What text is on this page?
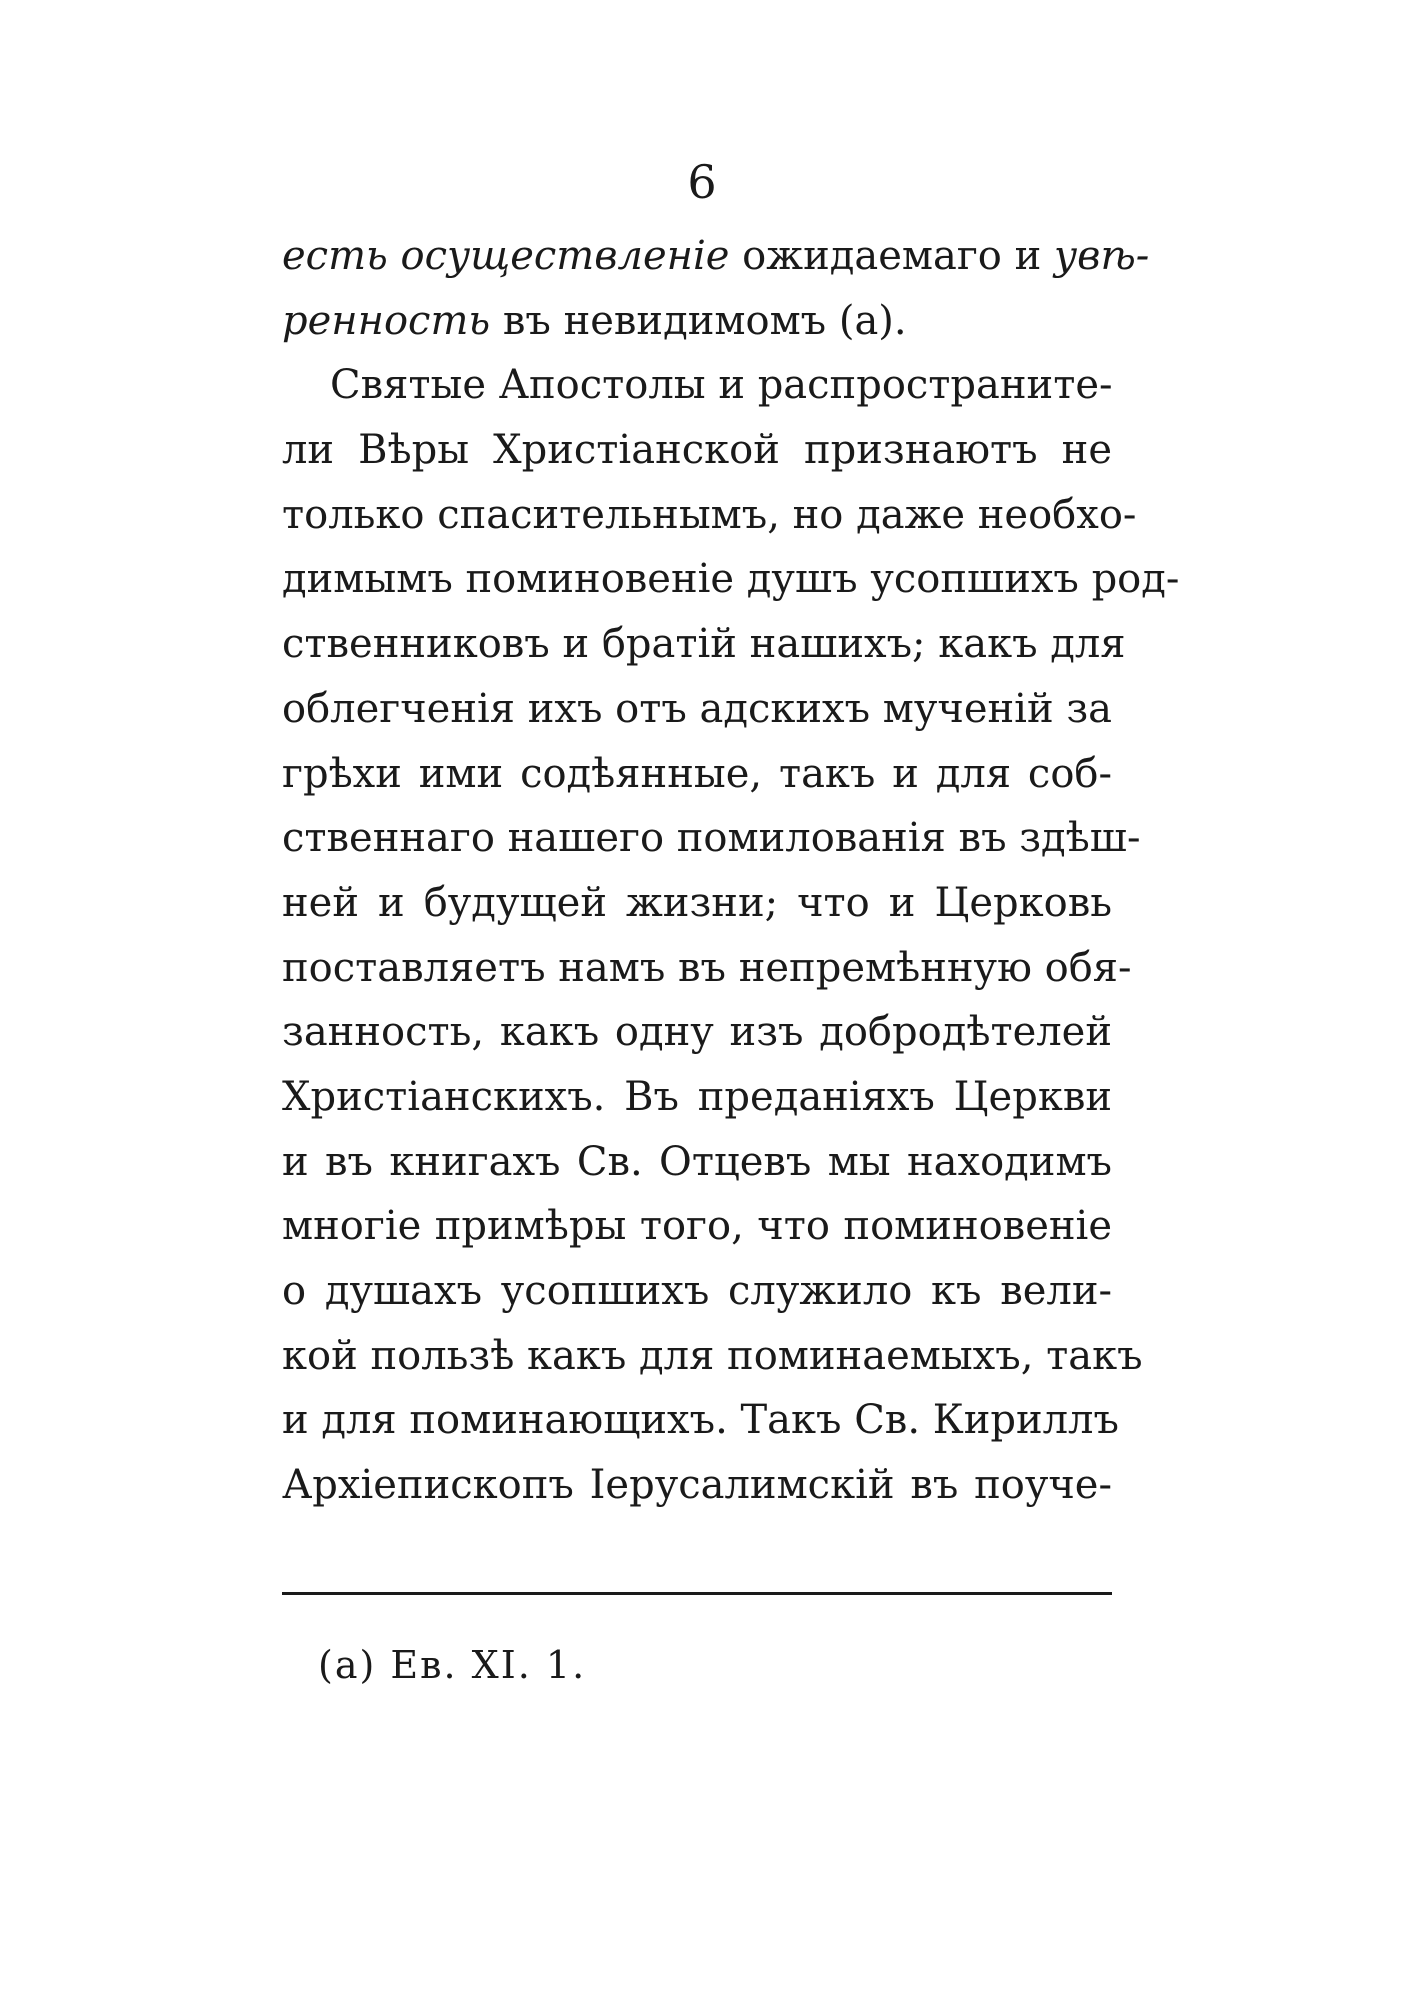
6
есть осуществленіе ожидаемаго и увѣ-
ренность въ невидимомъ (а).
Святые Апостолы и распространите-
ли Вѣры Христіанской признаютъ не
только спасительнымъ, но даже необхо-
димымъ поминовеніе душъ усопшихъ род-
ственниковъ и братій нашихъ; какъ для
облегченія ихъ отъ адскихъ мученій за
грѣхи ими содѣянные, такъ и для соб-
ственнаго нашего помилованія въ здѣш-
ней и будущей жизни; что и Церковь
поставляетъ намъ въ непремѣнную обя-
занность, какъ одну изъ добродѣтелей
Христіанскихъ. Въ преданіяхъ Церкви
и въ книгахъ Св. Отцевъ мы находимъ
многіе примѣры того, что поминовеніе
о душахъ усопшихъ служило къ вели-
кой пользѣ какъ для поминаемыхъ, такъ
и для поминающихъ. Такъ Св. Кириллъ
Архіепископъ Іерусалимскій въ поуче-
(а) Ев. XI. 1.
